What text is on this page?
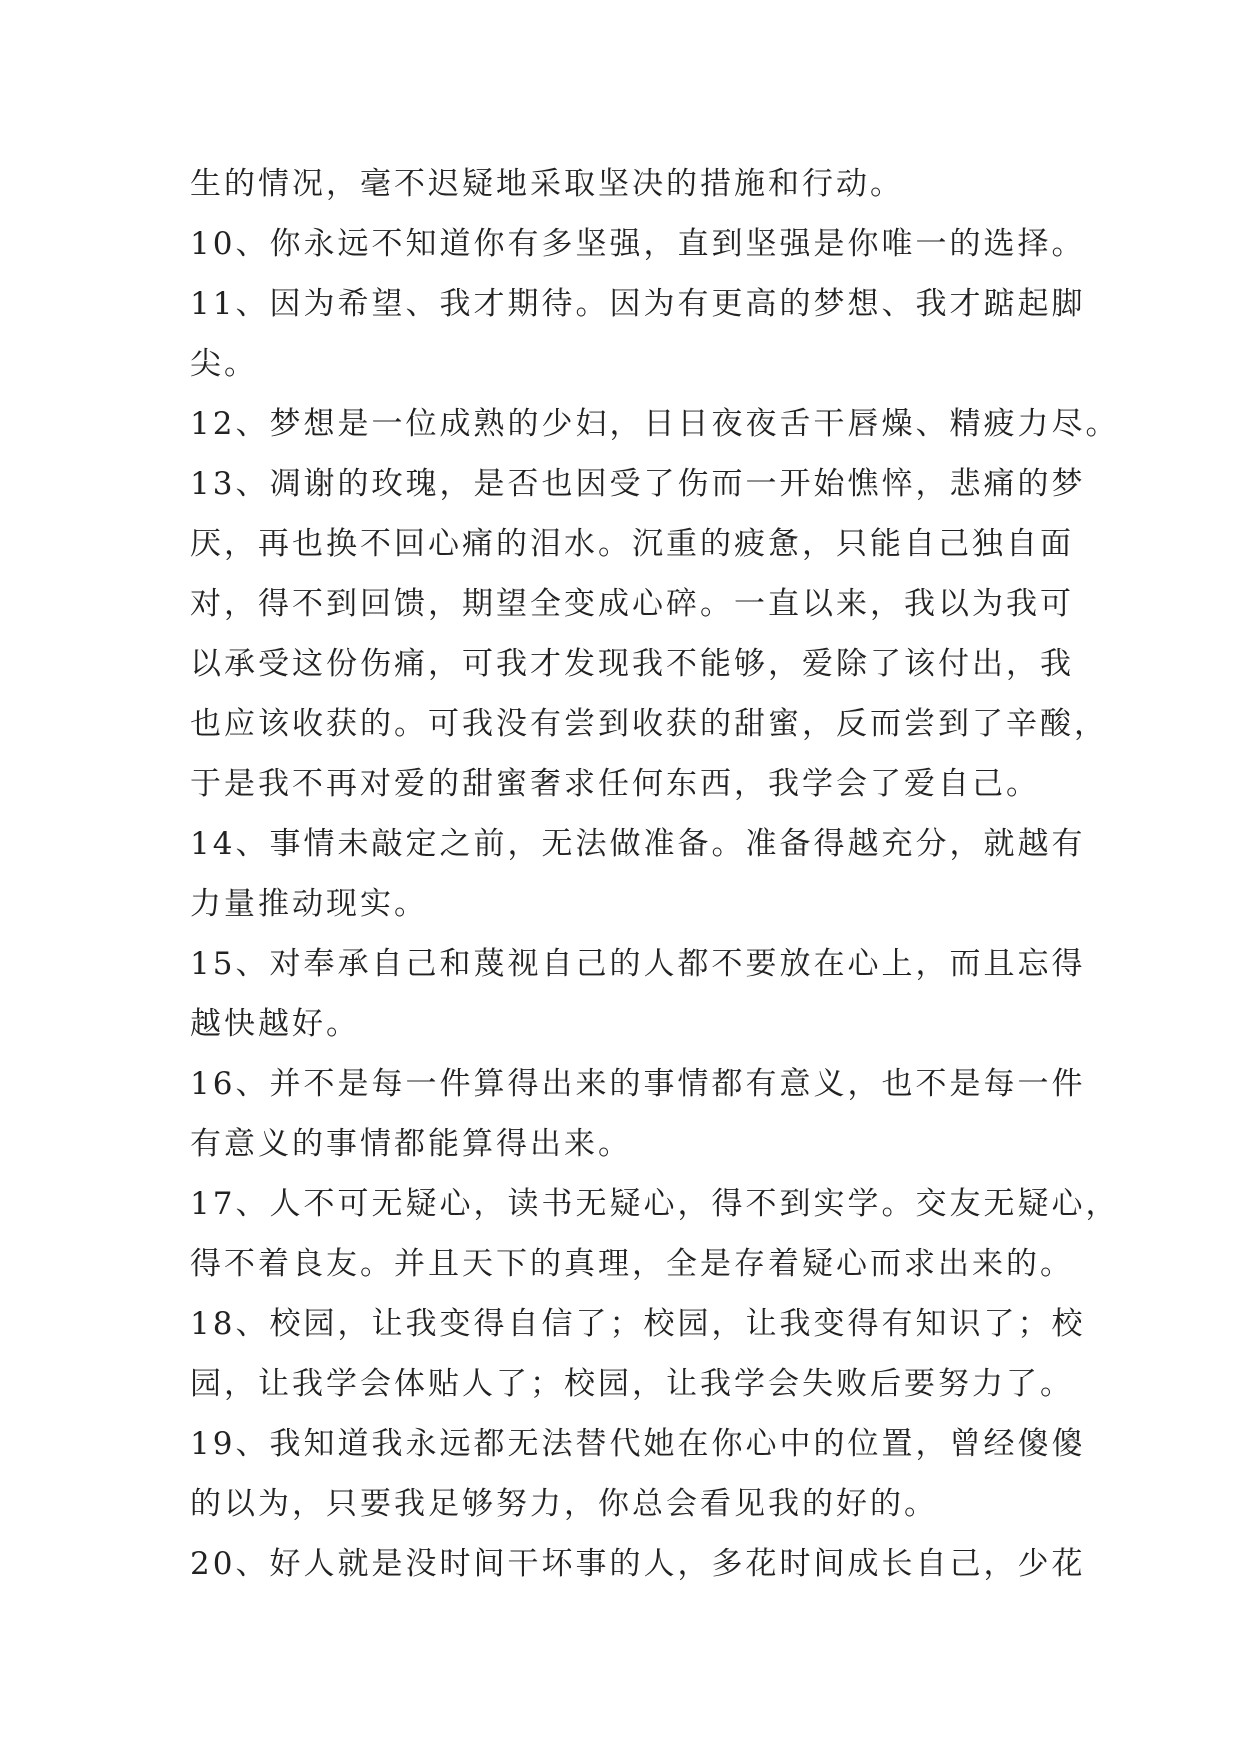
生的情况，毫不迟疑地采取坚决的措施和行动。
10、你永远不知道你有多坚强，直到坚强是你唯一的选择。
11、因为希望、我才期待。因为有更高的梦想、我才踮起脚
尖。
12、梦想是一位成熟的少妇，日日夜夜舌干唇燥、精疲力尽。
13、凋谢的玫瑰，是否也因受了伤而一开始憔悴，悲痛的梦
厌，再也换不回心痛的泪水。沉重的疲惫，只能自己独自面
对，得不到回馈，期望全变成心碎。一直以来，我以为我可
以承受这份伤痛，可我才发现我不能够，爱除了该付出，我
也应该收获的。可我没有尝到收获的甜蜜，反而尝到了辛酸，
于是我不再对爱的甜蜜奢求任何东西，我学会了爱自己。
14、事情未敲定之前，无法做准备。准备得越充分，就越有
力量推动现实。
15、对奉承自己和蔑视自己的人都不要放在心上，而且忘得
越快越好。
16、并不是每一件算得出来的事情都有意义，也不是每一件
有意义的事情都能算得出来。
17、人不可无疑心，读书无疑心，得不到实学。交友无疑心，
得不着良友。并且天下的真理，全是存着疑心而求出来的。
18、校园，让我变得自信了；校园，让我变得有知识了；校
园，让我学会体贴人了；校园，让我学会失败后要努力了。
19、我知道我永远都无法替代她在你心中的位置，曾经傻傻
的以为，只要我足够努力，你总会看见我的好的。
20、好人就是没时间干坏事的人，多花时间成长自己，少花
